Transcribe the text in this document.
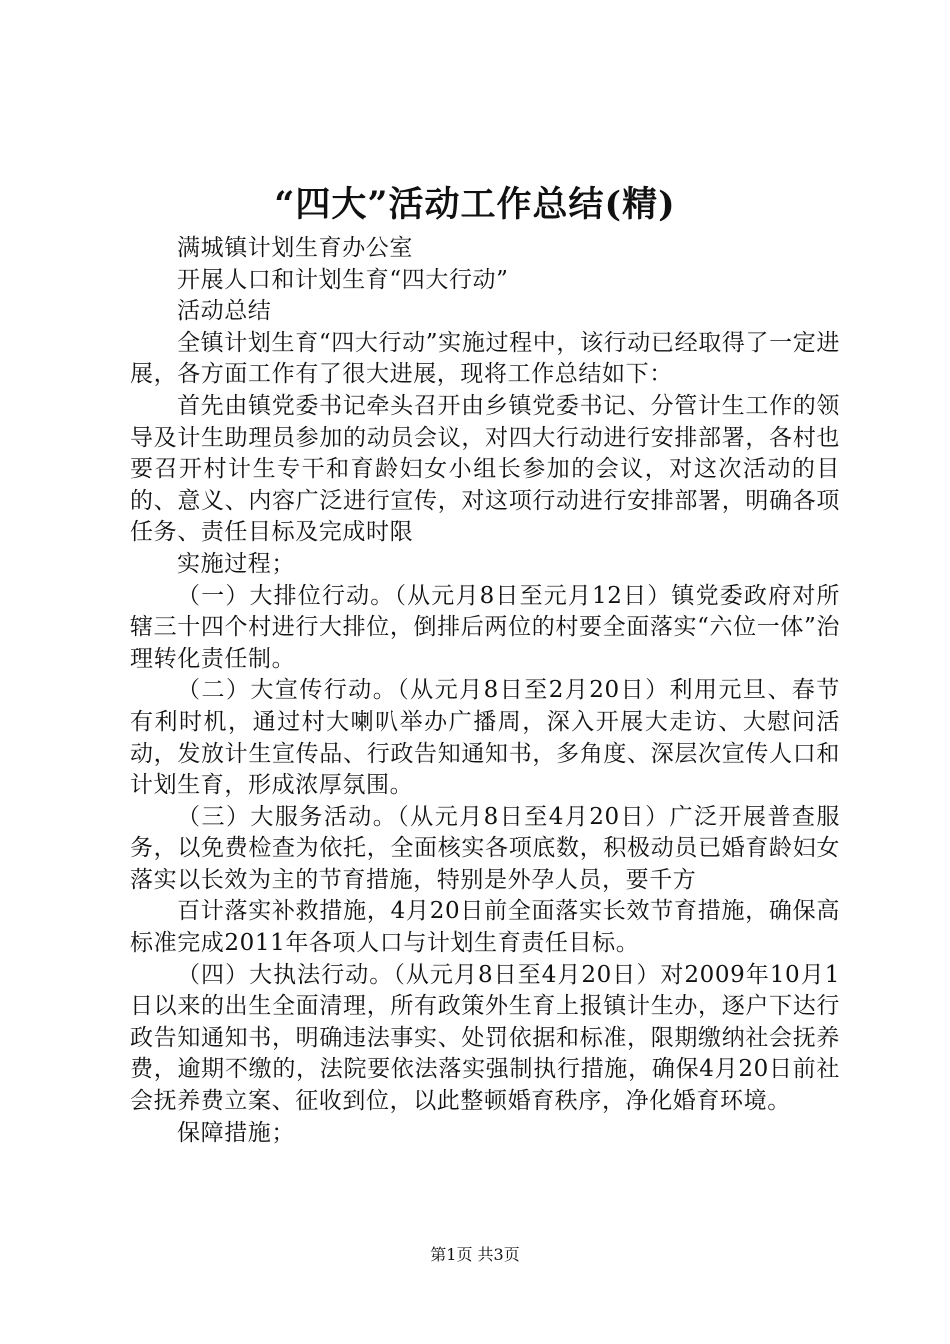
“四大”活动工作总结(精)

满城镇计划生育办公室

开展人口和计划生育“四大行动”

活动总结

全镇计划生育“四大行动”实施过程中，该行动已经取得了一定进展，各方面工作有了很大进展，现将工作总结如下：

首先由镇党委书记牵头召开由乡镇党委书记、分管计生工作的领导及计生助理员参加的动员会议，对四大行动进行安排部署，各村也要召开村计生专干和育龄妇女小组长参加的会议，对这次活动的目的、意义、内容广泛进行宣传，对这项行动进行安排部署，明确各项任务、责任目标及完成时限

实施过程；

（一）大排位行动。（从元月8日至元月12日）镇党委政府对所辖三十四个村进行大排位，倒排后两位的村要全面落实“六位一体”治理转化责任制。

（二）大宣传行动。（从元月8日至2月20日）利用元旦、春节有利时机，通过村大喇叭举办广播周，深入开展大走访、大慰问活动，发放计生宣传品、行政告知通知书，多角度、深层次宣传人口和计划生育，形成浓厚氛围。

（三）大服务活动。（从元月8日至4月20日）广泛开展普查服务，以免费检查为依托，全面核实各项底数，积极动员已婚育龄妇女落实以长效为主的节育措施，特别是外孕人员，要千方

百计落实补救措施，4月20日前全面落实长效节育措施，确保高标准完成2011年各项人口与计划生育责任目标。

（四）大执法行动。（从元月8日至4月20日）对2009年10月1日以来的出生全面清理，所有政策外生育上报镇计生办，逐户下达行政告知通知书，明确违法事实、处罚依据和标准，限期缴纳社会抚养费，逾期不缴的，法院要依法落实强制执行措施，确保4月20日前社会抚养费立案、征收到位，以此整顿婚育秩序，净化婚育环境。

保障措施；

第1页 共3页
